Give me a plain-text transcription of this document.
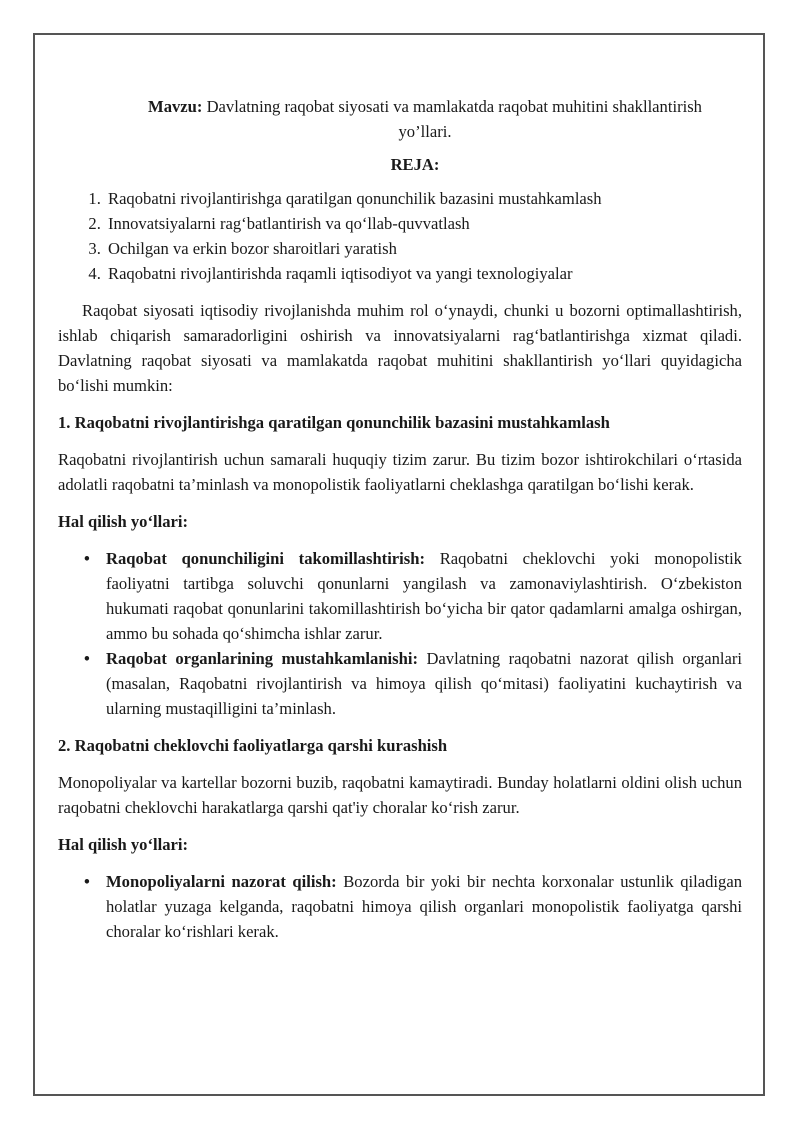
Mavzu: Davlatning raqobat siyosati va mamlakatda raqobat muhitini shakllantirish

yo’llari.

REJA:

1. Raqobatni rivojlantirishga qaratilgan qonunchilik bazasini mustahkamlash
2. Innovatsiyalarni rag‘batlantirish va qo‘llab-quvvatlash
3. Ochilgan va erkin bozor sharoitlari yaratish
4. Raqobatni rivojlantirishda raqamli iqtisodiyot va yangi texnologiyalar

Raqobat siyosati iqtisodiy rivojlanishda muhim rol o‘ynaydi, chunki u bozorni optimallashtirish, ishlab chiqarish samaradorligini oshirish va innovatsiyalarni rag‘batlantirishga xizmat qiladi. Davlatning raqobat siyosati va mamlakatda raqobat muhitini shakllantirish yo‘llari quyidagicha bo‘lishi mumkin:

1. Raqobatni rivojlantirishga qaratilgan qonunchilik bazasini mustahkamlash

Raqobatni rivojlantirish uchun samarali huquqiy tizim zarur. Bu tizim bozor ishtirokchilari o‘rtasida adolatli raqobatni ta’minlash va monopolistik faoliyatlarni cheklashga qaratilgan bo‘lishi kerak.

Hal qilish yo‘llari:

• Raqobat qonunchiligini takomillashtirish: Raqobatni cheklovchi yoki monopolistik faoliyatni tartibga soluvchi qonunlarni yangilash va zamonaviylashtirish. O‘zbekiston hukumati raqobat qonunlarini takomillashtirish bo‘yicha bir qator qadamlarni amalga oshirgan, ammo bu sohada qo‘shimcha ishlar zarur.
• Raqobat organlarining mustahkamlanishi: Davlatning raqobatni nazorat qilish organlari (masalan, Raqobatni rivojlantirish va himoya qilish qo‘mitasi) faoliyatini kuchaytirish va ularning mustaqilligini ta’minlash.

2. Raqobatni cheklovchi faoliyatlarga qarshi kurashish

Monopoliyalar va kartellar bozorni buzib, raqobatni kamaytiradi. Bunday holatlarni oldini olish uchun raqobatni cheklovchi harakatlarga qarshi qat'iy choralar ko‘rish zarur.

Hal qilish yo‘llari:

• Monopoliyalarni nazorat qilish: Bozorda bir yoki bir nechta korxonalar ustunlik qiladigan holatlar yuzaga kelganda, raqobatni himoya qilish organlari monopolistik faoliyatga qarshi choralar ko‘rishlari kerak.
